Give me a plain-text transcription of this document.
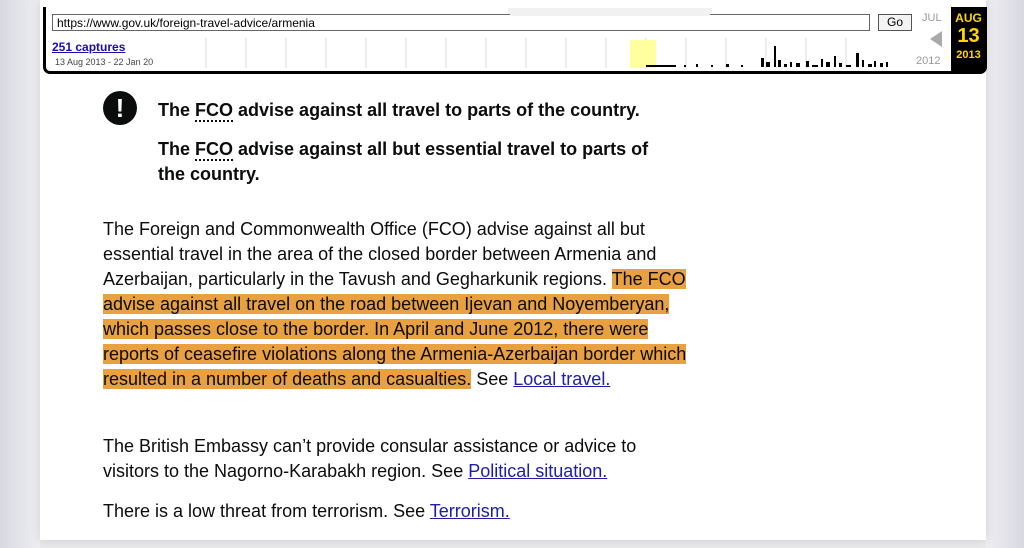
https://www.gov.uk/foreign-travel-advice/armenia	Go
251 captures
13 Aug 2013 - 22 Jan 20
JUL
2012
AUG
13
2013
!	The FCO advise against all travel to parts of the country.
The FCO advise against all but essential travel to parts of the country.
The Foreign and Commonwealth Office (FCO) advise against all but essential travel in the area of the closed border between Armenia and Azerbaijan, particularly in the Tavush and Gegharkunik regions. The FCO advise against all travel on the road between Ijevan and Noyemberyan, which passes close to the border. In April and June 2012, there were reports of ceasefire violations along the Armenia-Azerbaijan border which resulted in a number of deaths and casualties. See Local travel.
The British Embassy can’t provide consular assistance or advice to visitors to the Nagorno-Karabakh region. See Political situation.
There is a low threat from terrorism. See Terrorism.
